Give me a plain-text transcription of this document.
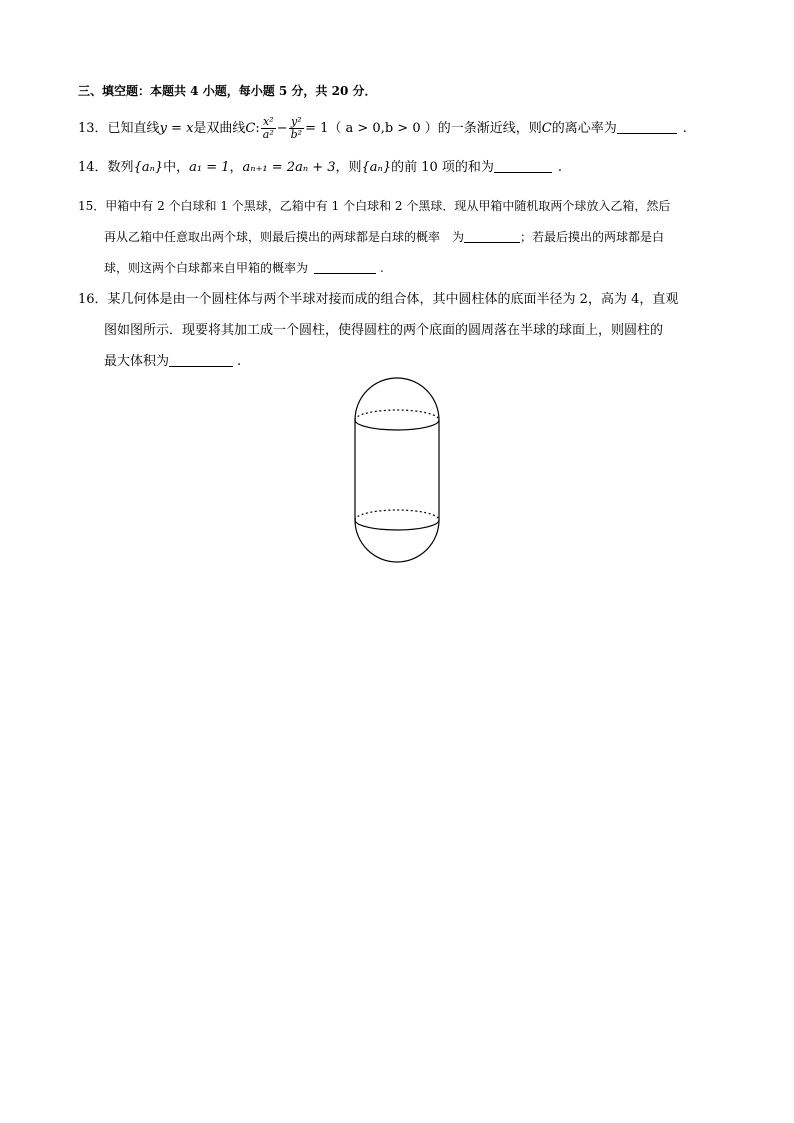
三、填空题：本题共 4 小题，每小题 5 分，共 20 分．
13．已知直线y = x是双曲线C: $\frac{\text{x²}}{\text{a²}} - \frac{\text{y²}}{\text{b²}} = 1$（ a > 0,b > 0 ）的一条渐近线，则C的离心率为	.
14．数列{aₙ}中，a₁ = 1，aₙ₊₁ = 2aₙ + 3，则{aₙ}的前 10 项的和为	.
15．甲箱中有 2 个白球和 1 个黑球，乙箱中有 1 个白球和 2 个黑球．现从甲箱中随机取两个球放入乙箱，然后
再从乙箱中任意取出两个球，则最后摸出的两球都是白球的概率　为	；若最后摸出的两球都是白
球，则这两个白球都来自甲箱的概率为	.
16．某几何体是由一个圆柱体与两个半球对接而成的组合体，其中圆柱体的底面半径为 2，高为 4，直观
图如图所示．现要将其加工成一个圆柱，使得圆柱的两个底面的圆周落在半球的球面上，则圆柱的
最大体积为	.
